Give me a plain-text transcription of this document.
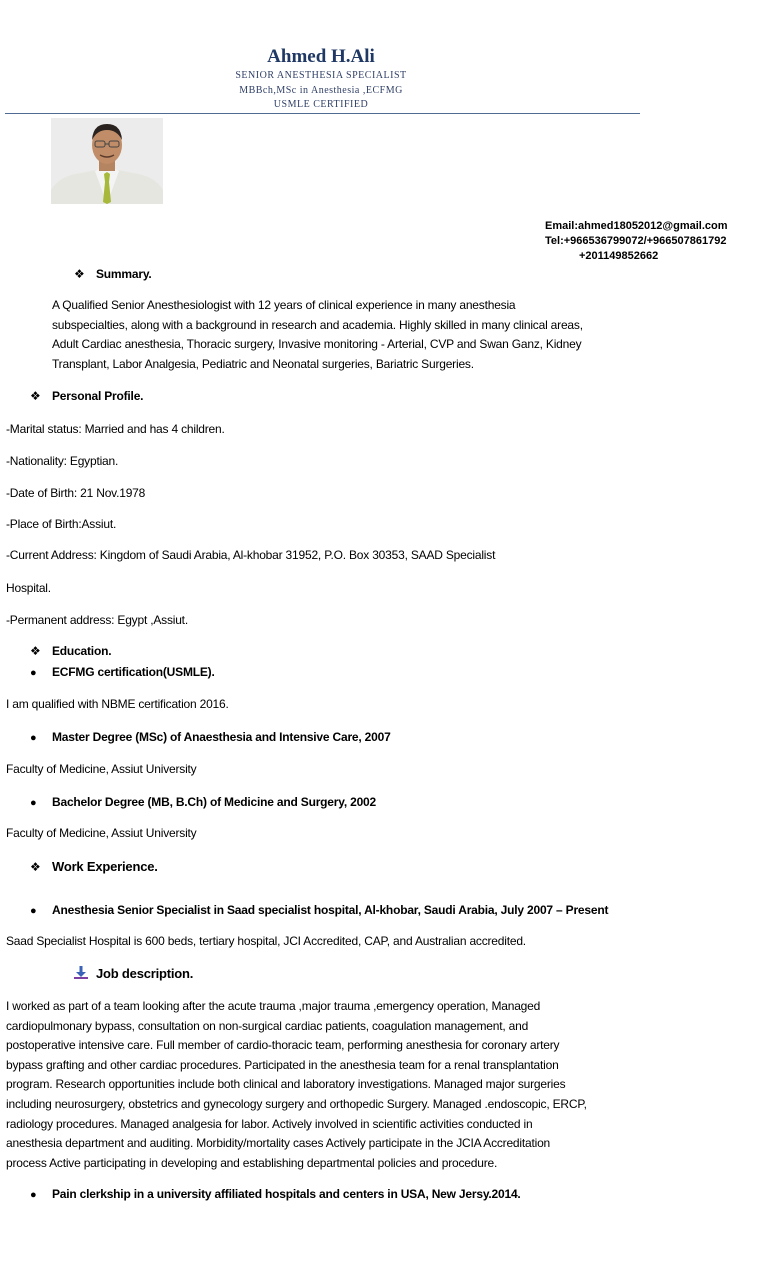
Ahmed H.Ali
SENIOR ANESTHESIA SPECIALIST
MBBch,MSc in Anesthesia ,ECFMG
USMLE CERTIFIED
Email:ahmed18052012@gmail.com
Tel:+966536799072/+966507861792
+201149852662
❖ Summary.
A Qualified Senior Anesthesiologist with 12 years of clinical experience in many anesthesia
subspecialties, along with a background in research and academia. Highly skilled in many clinical areas,
Adult Cardiac anesthesia, Thoracic surgery, Invasive monitoring - Arterial, CVP and Swan Ganz, Kidney
Transplant, Labor Analgesia, Pediatric and Neonatal surgeries, Bariatric Surgeries.
❖ Personal Profile.
-Marital status: Married and has 4 children.
-Nationality: Egyptian.
-Date of Birth: 21 Nov.1978
-Place of Birth:Assiut.
-Current Address: Kingdom of Saudi Arabia, Al-khobar 31952, P.O. Box 30353, SAAD Specialist
Hospital.
-Permanent address: Egypt ,Assiut.
❖ Education.
● ECFMG certification(USMLE).
I am qualified with NBME certification 2016.
● Master Degree (MSc) of Anaesthesia and Intensive Care, 2007
Faculty of Medicine, Assiut University
● Bachelor Degree (MB, B.Ch) of Medicine and Surgery, 2002
Faculty of Medicine, Assiut University
❖ Work Experience.
● Anesthesia Senior Specialist in Saad specialist hospital, Al-khobar, Saudi Arabia, July 2007 – Present
Saad Specialist Hospital is 600 beds, tertiary hospital, JCI Accredited, CAP, and Australian accredited.
Job description.
I worked as part of a team looking after the acute trauma ,major trauma ,emergency operation, Managed
cardiopulmonary bypass, consultation on non-surgical cardiac patients, coagulation management, and
postoperative intensive care. Full member of cardio-thoracic team, performing anesthesia for coronary artery
bypass grafting and other cardiac procedures. Participated in the anesthesia team for a renal transplantation
program. Research opportunities include both clinical and laboratory investigations. Managed major surgeries
including neurosurgery, obstetrics and gynecology surgery and orthopedic Surgery. Managed .endoscopic, ERCP,
radiology procedures. Managed analgesia for labor. Actively involved in scientific activities conducted in
anesthesia department and auditing. Morbidity/mortality cases Actively participate in the JCIA Accreditation
process Active participating in developing and establishing departmental policies and procedure.
● Pain clerkship in a university affiliated hospitals and centers in USA, New Jersy.2014.
